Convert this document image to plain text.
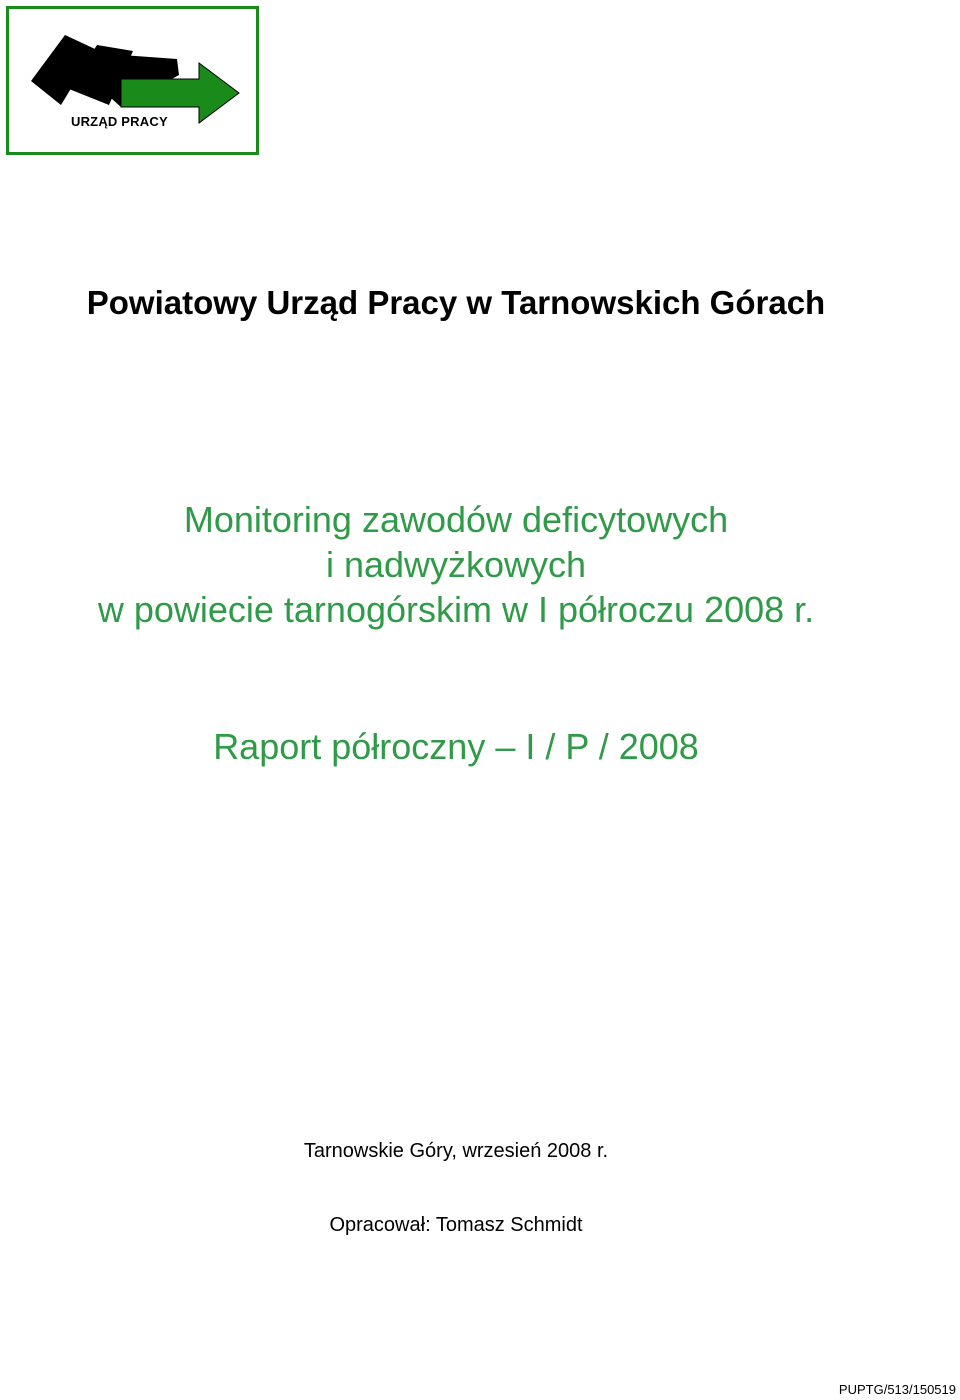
URZĄD PRACY
Powiatowy Urząd Pracy w Tarnowskich Górach
Monitoring zawodów deficytowych
i nadwyżkowych
w powiecie tarnogórskim w I półroczu 2008 r.
Raport półroczny – I / P / 2008
Tarnowskie Góry, wrzesień 2008 r.
Opracował: Tomasz Schmidt
PUPTG/513/150519
